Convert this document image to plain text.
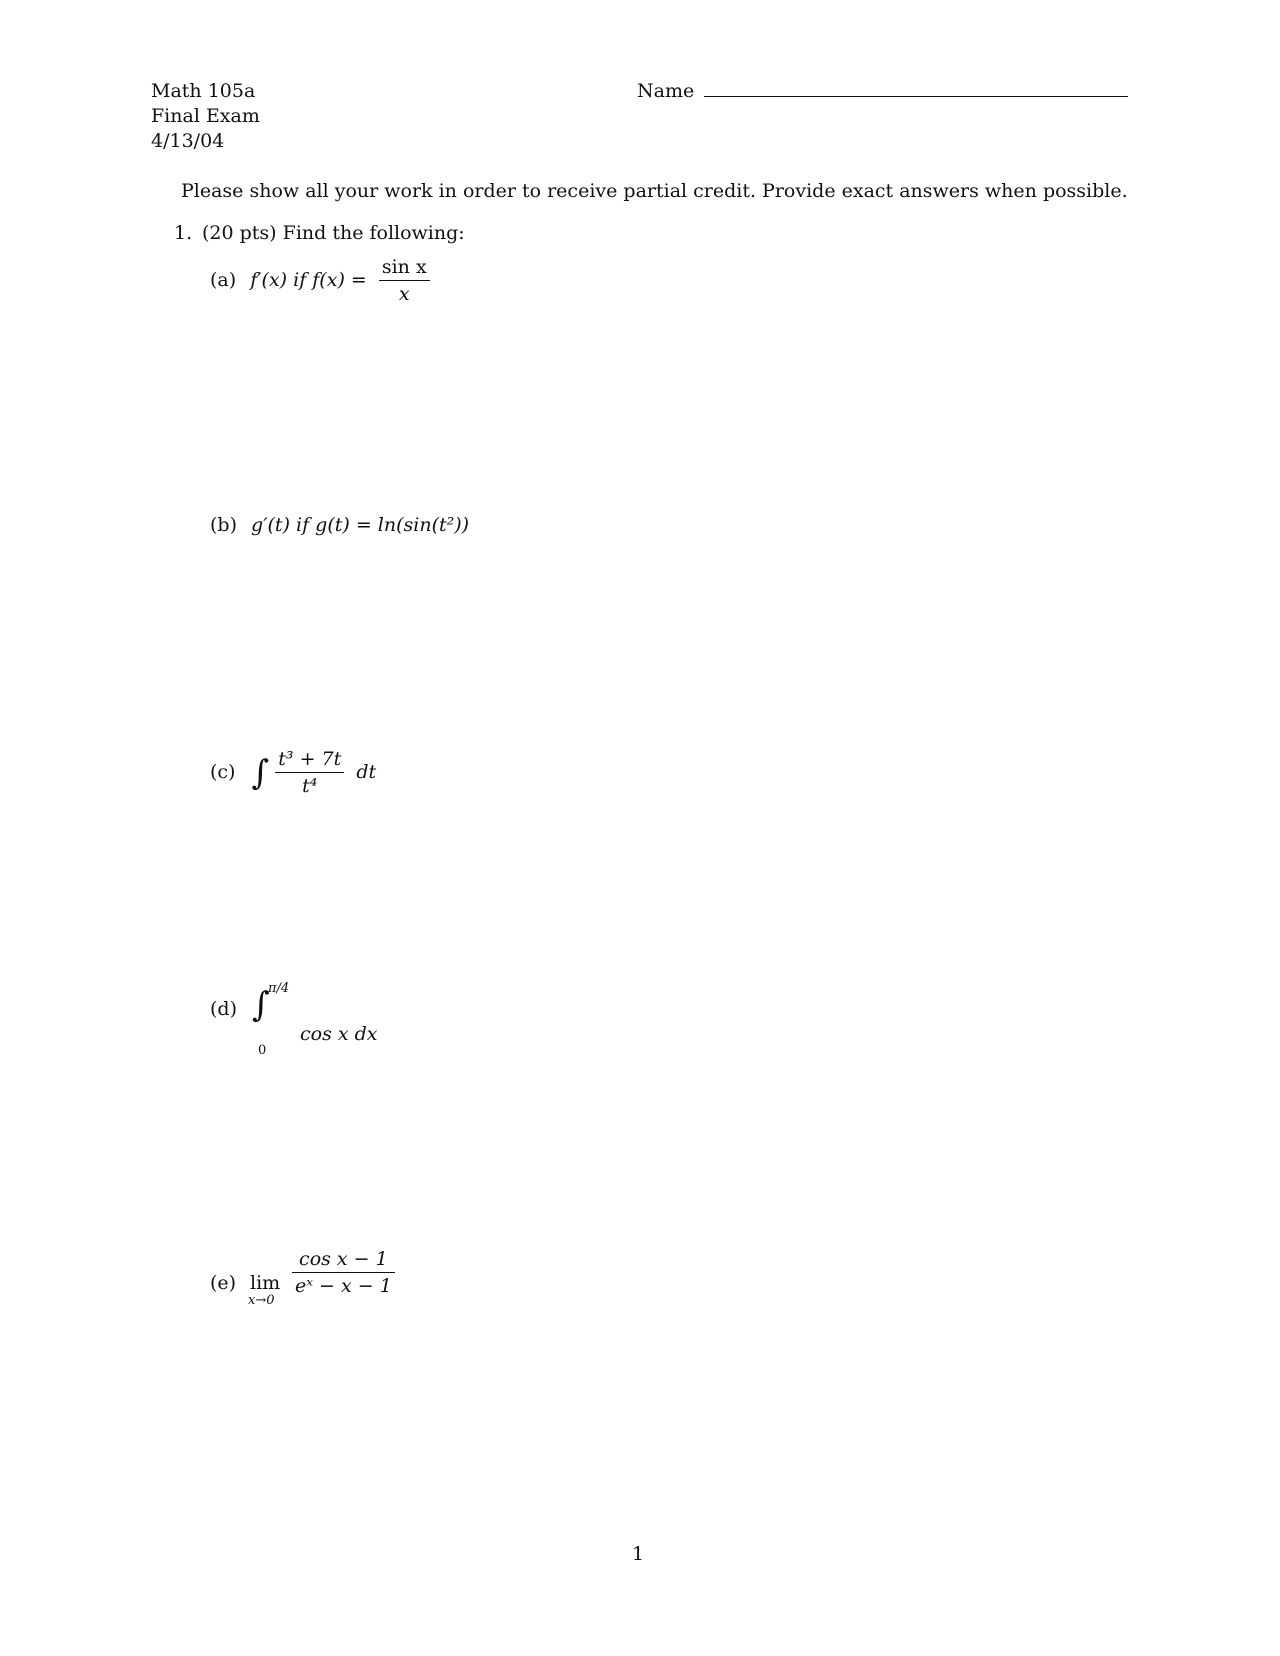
Math 105a
Final Exam
4/13/04
Name
Please show all your work in order to receive partial credit. Provide exact answers when possible.
1. (20 pts) Find the following:
(a) f′(x) if $f(x) = \frac{\text{sin x}}{x}$
(b) g′(t) if g(t) = ln(sin(t²))
(c) ∫ $\frac{\text{t³ + 7t}}{\text{t⁴}}$ dt
(d) ∫
π/4
0
cos x dx
(e) lim
x→0
$\frac{\text{cos x − 1}}{\text{eˣ − x − 1}}$
1
